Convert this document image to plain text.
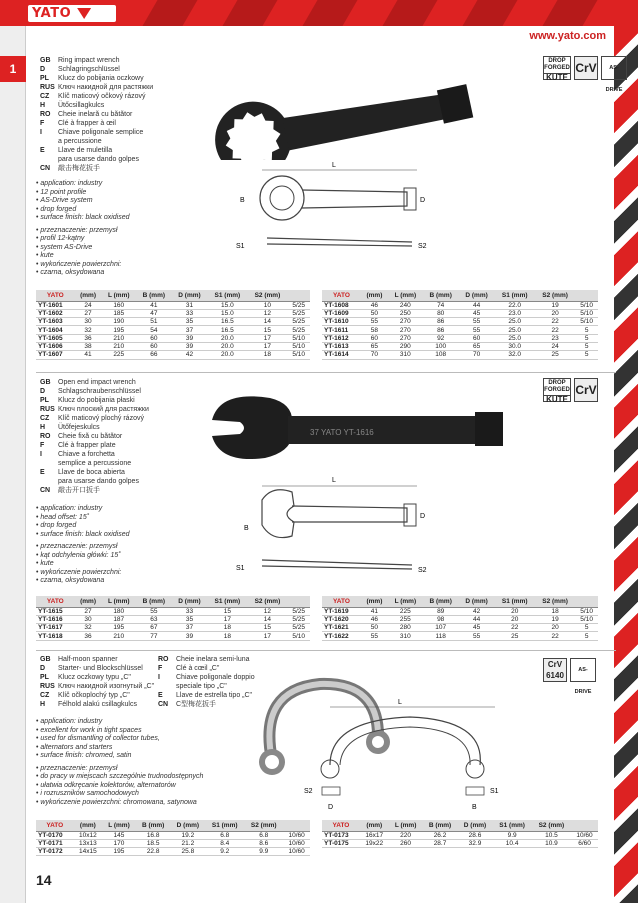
YATO
www.yato.com
1
GB	Ring impact wrench
D	Schlagringschlüssel
PL	Klucz do pobijania oczkowy
RUS Ключ накидной для растяжки
CZ	Klíč maticový očkový rázový
H	Ütőcsillagkulcs
RO	Cheie inelară cu bătător
F	Clé à frapper à œil
I	Chiave poligonale semplice
a percussione
E	Llave de muletilla
para usarse dando golpes
CN	敲击梅花扳手
• application: industry
• 12 point profile
• AS-Drive system
• drop forged
• surface finish: black oxidised
• przeznaczenie: przemysł
• profil 12-kątny
• system AS-Drive
• kute
• wykończenie powierzchni:
• czarna, oksydowana
DROP
FORGED
KUTE
CrV	AS-DRIVE
L
B	D
S1	S2
YATO	(mm)	L (mm)	B (mm)	D (mm)	S1 (mm)	S2 (mm)	
YT-1601	24	160	41	31	15.0	10	5/25
YT-1602	27	185	47	33	15.0	12	5/25
YT-1603	30	190	51	35	16.5	14	5/25
YT-1604	32	195	54	37	16.5	15	5/25
YT-1605	36	210	60	39	20.0	17	5/10
YT-1606	38	210	60	39	20.0	17	5/10
YT-1607	41	225	66	42	20.0	18	5/10
YATO	(mm)	L (mm)	B (mm)	D (mm)	S1 (mm)	S2 (mm)	
YT-1608	46	240	74	44	22.0	19	5/10
YT-1609	50	250	80	45	23.0	20	5/10
YT-1610	55	270	86	55	25.0	22	5/10
YT-1611	58	270	86	55	25.0	22	5
YT-1612	60	270	92	60	25.0	23	5
YT-1613	65	290	100	65	30.0	24	5
YT-1614	70	310	108	70	32.0	25	5
GB	Open end impact wrench
D	Schlagschraubenschlüssel
PL	Klucz do pobijania płaski
RUS Ключ плоский для растяжки
CZ	Klíč maticový plochý rázový
H	Ütőfejeskulcs
RO	Cheie fixă cu bătător
F	Clé à frapper plate
I	Chiave a forchetta
semplice a percussione
E	Llave de boca abierta
para usarse dando golpes
CN	敲击开口扳手
• application: industry
• head offset: 15˚
• drop forged
• surface finish: black oxidised
• przeznaczenie: przemysł
• kąt odchylenia główki: 15˚
• kute
• wykończenie powierzchni:
• czarna, oksydowana
DROP
FORGED
KUTE
CrV
37 YATO YT-1616
L
B
D
S1	S2
YATO	(mm)	L (mm)	B (mm)	D (mm)	S1 (mm)	S2 (mm)	
YT-1615	27	180	55	33	15	12	5/25
YT-1616	30	187	63	35	17	14	5/25
YT-1617	32	195	67	37	18	15	5/25
YT-1618	36	210	77	39	18	17	5/10
YATO	(mm)	L (mm)	B (mm)	D (mm)	S1 (mm)	S2 (mm)	
YT-1619	41	225	89	42	20	18	5/10
YT-1620	46	255	98	44	20	19	5/10
YT-1621	50	280	107	45	22	20	5
YT-1622	55	310	118	55	25	22	5
GB	Half-moon spanner
D	Starter- und Blockschlüssel
PL	Klucz oczkowy typu „C"
RUS Ключ накидной изогнутый „C"
CZ	Klíč očkoplochý typ „C"
H	Félhold alakú csillagkulcs
RO	Cheie inelara semi-luna
F	Clé à cœil „C"
I	Chiave poligonale doppio
speciale tipo „C"
E	Llave de estrella tipo „C"
CN	C型梅花扳手
• application: industry
• excellent for work in tight spaces
• used for dismantling of collector tubes,
• alternators and starters
• surface finish: chromed, satin
• przeznaczenie: przemysł
• do pracy w miejscach szczególnie trudnodostępnych
• ułatwia odkręcanie kolektorów, alternatorów
• i rozruszników samochodowych
• wykończenie powierzchni: chromowana, satynowa
CrV
6140
AS-DRIVE
L
D	B
S2	S1
YATO	(mm)	L (mm)	B (mm)	D (mm)	S1 (mm)	S2 (mm)	
YT-0170	10x12	145	16.8	19.2	6.8	6.8	10/60
YT-0171	13x13	170	18.5	21.2	8.4	8.6	10/60
YT-0172	14x15	195	22.8	25.8	9.2	9.9	10/60
YATO	(mm)	L (mm)	B (mm)	D (mm)	S1 (mm)	S2 (mm)	
YT-0173	16x17	220	26.2	28.6	9.9	10.5	10/60
YT-0175	19x22	260	28.7	32.9	10.4	10.9	6/60
14
